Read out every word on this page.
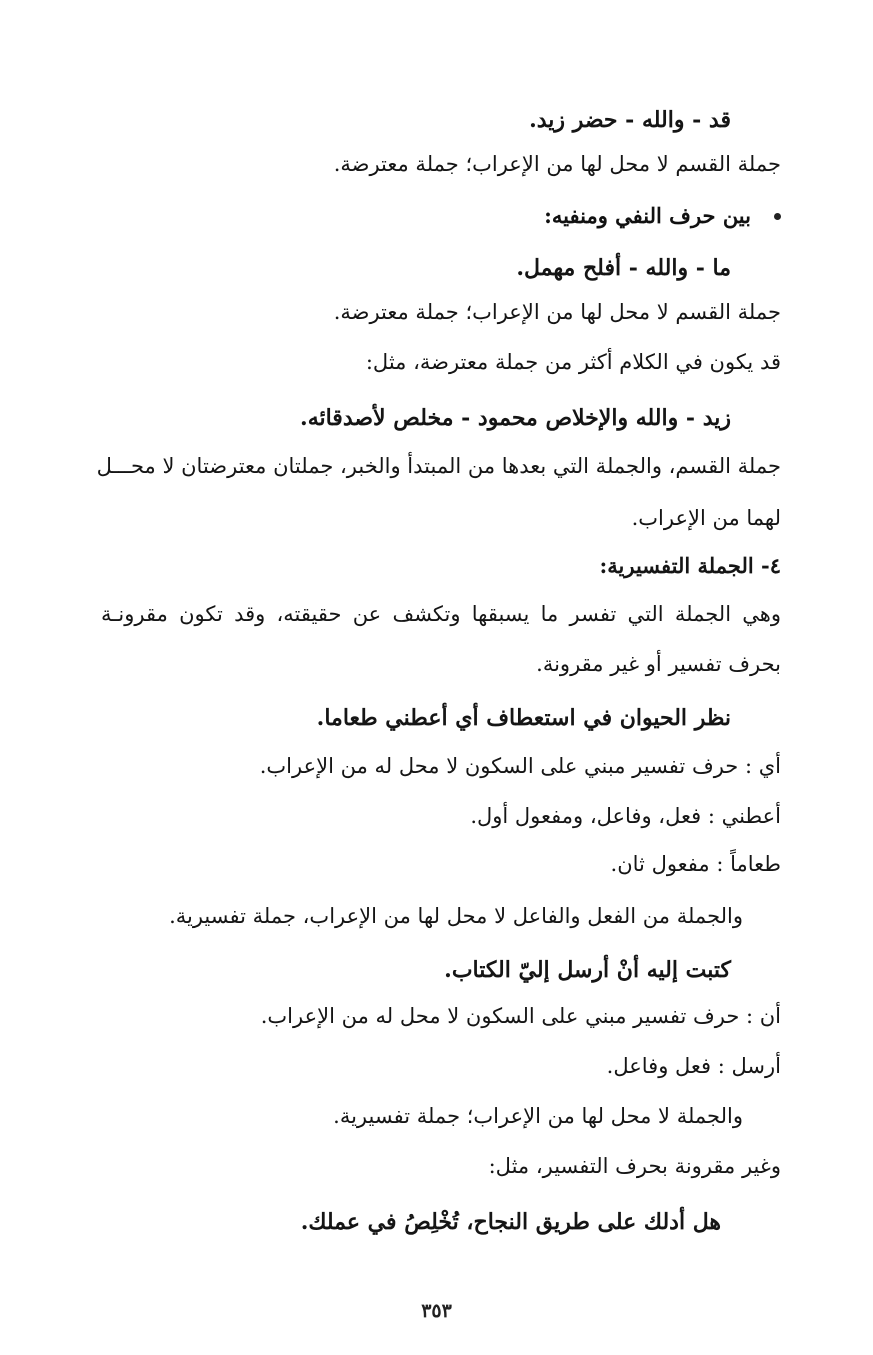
قد - والله - حضر زيد.
جملة القسم لا محل لها من الإعراب؛ جملة معترضة.
بين حرف النفي ومنفيه:
ما - والله - أفلح مهمل.
جملة القسم لا محل لها من الإعراب؛ جملة معترضة.
قد يكون في الكلام أكثر من جملة معترضة، مثل:
زيد - والله والإخلاص محمود - مخلص لأصدقائه.
جملة القسم، والجملة التي بعدها من المبتدأ والخبر، جملتان معترضتان لا محـــل
لهما من الإعراب.
٤- الجملة التفسيرية:
وهي الجملة التي تفسر ما يسبقها وتكشف عن حقيقته، وقد تكون مقرونـة
بحرف تفسير أو غير مقرونة.
نظر الحيوان في استعطاف أي أعطني طعاما.
أي : حرف تفسير مبني على السكون لا محل له من الإعراب.
أعطني : فعل، وفاعل، ومفعول أول.
طعاماً : مفعول ثان.
والجملة من الفعل والفاعل لا محل لها من الإعراب، جملة تفسيرية.
كتبت إليه أنْ أرسل إليّ الكتاب.
أن : حرف تفسير مبني على السكون لا محل له من الإعراب.
أرسل : فعل وفاعل.
والجملة لا محل لها من الإعراب؛ جملة تفسيرية.
وغير مقرونة بحرف التفسير، مثل:
هل أدلك على طريق النجاح، تُخْلِصُ في عملك.
٣٥٣
